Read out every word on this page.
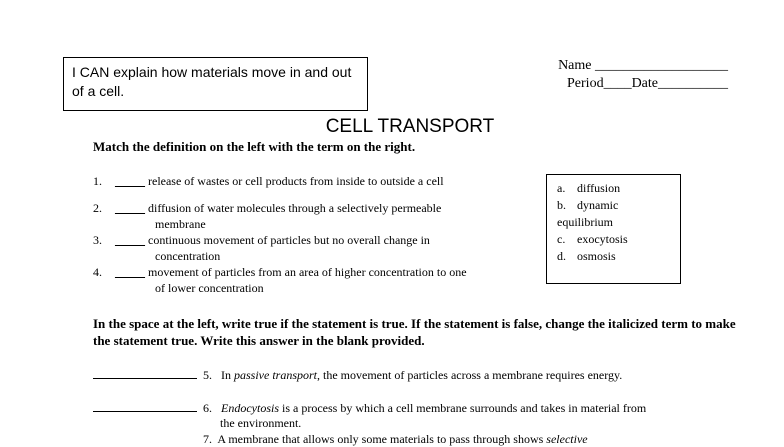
I CAN explain how materials move in and out of a cell.
Name ___________________
Period____Date__________
CELL TRANSPORT
Match the definition on the left with the term on the right.
1. _____ release of wastes or cell products from inside to outside a cell
2. _____ diffusion of water molecules through a selectively permeable
membrane
3. _____ continuous movement of particles but no overall change in
concentration
4. _____ movement of particles from an area of higher concentration to one
of lower concentration
a. diffusion
b. dynamic equilibrium
c. exocytosis
d. osmosis
In the space at the left, write true if the statement is true. If the statement is false, change the italicized term to make the statement true. Write this answer in the blank provided.
5. In passive transport, the movement of particles across a membrane requires energy.
6. Endocytosis is a process by which a cell membrane surrounds and takes in material from
the environment.
7. A membrane that allows only some materials to pass through shows selective
